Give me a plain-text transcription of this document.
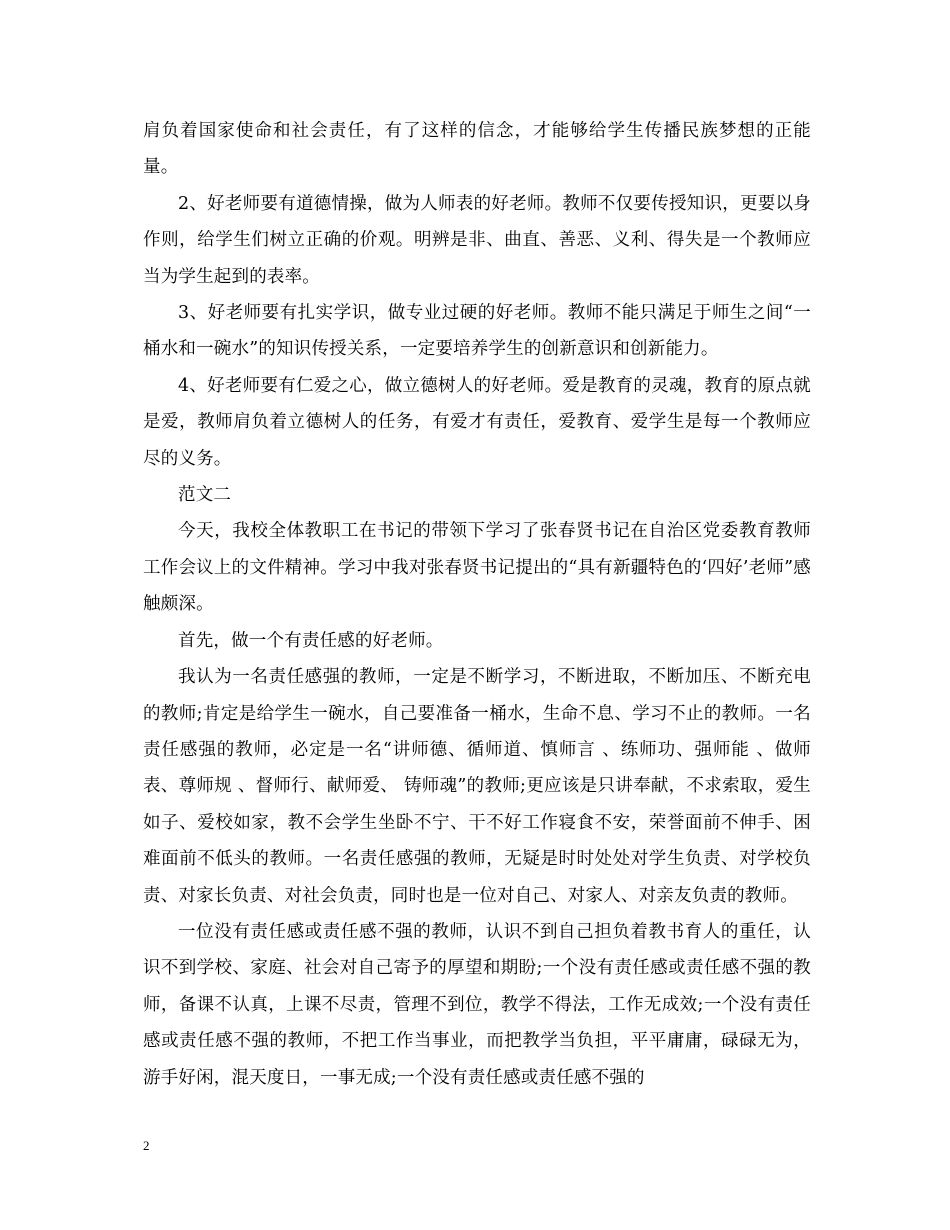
肩负着国家使命和社会责任，有了这样的信念，才能够给学生传播民族梦想的正能量。

2、好老师要有道德情操，做为人师表的好老师。教师不仅要传授知识，更要以身作则，给学生们树立正确的价观。明辨是非、曲直、善恶、义利、得失是一个教师应当为学生起到的表率。

3、好老师要有扎实学识，做专业过硬的好老师。教师不能只满足于师生之间“一桶水和一碗水”的知识传授关系，一定要培养学生的创新意识和创新能力。

4、好老师要有仁爱之心，做立德树人的好老师。爱是教育的灵魂，教育的原点就是爱，教师肩负着立德树人的任务，有爱才有责任，爱教育、爱学生是每一个教师应尽的义务。

范文二

今天，我校全体教职工在书记的带领下学习了张春贤书记在自治区党委教育教师工作会议上的文件精神。学习中我对张春贤书记提出的“具有新疆特色的‘四好’老师”感触颇深。

首先，做一个有责任感的好老师。

我认为一名责任感强的教师，一定是不断学习，不断进取，不断加压、不断充电的教师;肯定是给学生一碗水，自己要准备一桶水，生命不息、学习不止的教师。一名责任感强的教师，必定是一名“讲师德、循师道、慎师言 、练师功、强师能 、做师表、尊师规 、督师行、献师爱、 铸师魂”的教师;更应该是只讲奉献，不求索取，爱生如子、爱校如家，教不会学生坐卧不宁、干不好工作寝食不安，荣誉面前不伸手、困难面前不低头的教师。一名责任感强的教师，无疑是时时处处对学生负责、对学校负责、对家长负责、对社会负责，同时也是一位对自己、对家人、对亲友负责的教师。

一位没有责任感或责任感不强的教师，认识不到自己担负着教书育人的重任，认识不到学校、家庭、社会对自己寄予的厚望和期盼;一个没有责任感或责任感不强的教师，备课不认真，上课不尽责，管理不到位，教学不得法，工作无成效;一个没有责任感或责任感不强的教师，不把工作当事业，而把教学当负担，平平庸庸，碌碌无为，游手好闲，混天度日，一事无成;一个没有责任感或责任感不强的

2
